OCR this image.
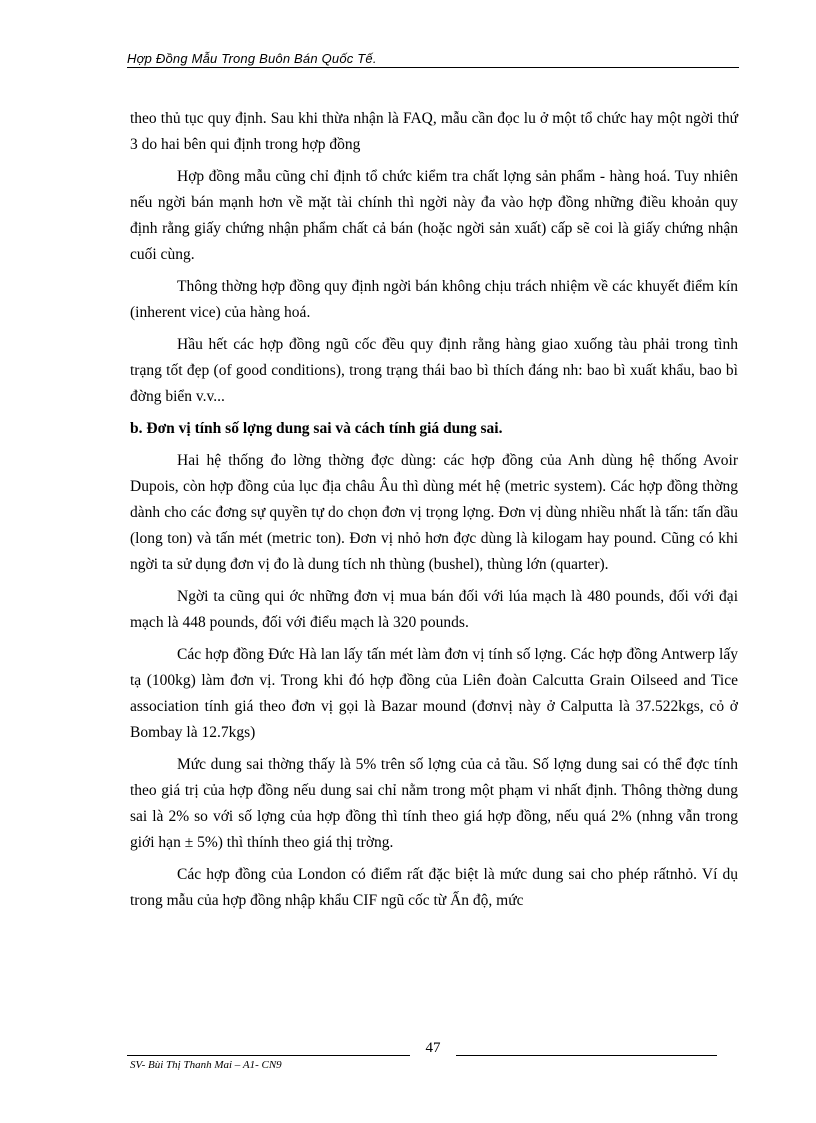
Hợp Đồng Mẫu Trong Buôn Bán Quốc Tế.

theo thủ tục quy định. Sau khi thừa nhận là FAQ, mẫu cần đọc lu ở một tổ chức hay một ngời thứ 3 do hai bên qui định trong hợp đồng

Hợp đồng mẫu cũng chỉ định tổ chức kiểm tra chất lợng sản phẩm - hàng hoá. Tuy nhiên nếu ngời bán mạnh hơn về mặt tài chính thì ngời này đa vào hợp đồng những điều khoản quy định rằng giấy chứng nhận phẩm chất cả bán (hoặc ngời sản xuất) cấp sẽ coi là giấy chứng nhận cuối cùng.

Thông thờng hợp đồng quy định ngời bán không chịu trách nhiệm về các khuyết điểm kín (inherent vice) của hàng hoá.

Hầu hết các hợp đồng ngũ cốc đều quy định rằng hàng giao xuống tàu phải trong tình trạng tốt đẹp (of good conditions), trong trạng thái bao bì thích đáng nh: bao bì xuất khẩu, bao bì đờng biển v.v...

b. Đơn vị tính số lợng dung sai và cách tính giá dung sai.

Hai hệ thống đo lờng thờng đợc dùng: các hợp đồng của Anh dùng hệ thống Avoir Dupois, còn hợp đồng của lục địa châu Âu thì dùng mét hệ (metric system). Các hợp đồng thờng dành cho các đơng sự quyền tự do chọn đơn vị trọng lợng. Đơn vị dùng nhiều nhất là tấn: tấn dầu (long ton) và tấn mét (metric ton). Đơn vị nhỏ hơn đợc dùng là kilogam hay pound. Cũng có khi ngời ta sử dụng đơn vị đo là dung tích nh thùng (bushel), thùng lớn (quarter).

Ngời ta cũng qui ớc những đơn vị mua bán đối với lúa mạch là 480 pounds, đối với đại mạch là 448 pounds, đối với điểu mạch là 320 pounds.

Các hợp đồng Đức Hà lan lấy tấn mét làm đơn vị tính số lợng. Các hợp đồng Antwerp lấy tạ (100kg) làm đơn vị. Trong khi đó hợp đồng của Liên đoàn Calcutta Grain Oilseed and Tice association tính giá theo đơn vị gọi là Bazar mound (đơnvị này ở Calputta là 37.522kgs, cỏ ở Bombay là 12.7kgs)

Mức dung sai thờng thấy là 5% trên số lợng của cả tầu. Số lợng dung sai có thể đợc tính theo giá trị của hợp đồng nếu dung sai chỉ nằm trong một phạm vi nhất định. Thông thờng dung sai là 2% so với số lợng của hợp đồng thì tính theo giá hợp đồng, nếu quá 2% (nhng vẫn trong giới hạn ± 5%) thì thính theo giá thị trờng.

Các hợp đồng của London có điểm rất đặc biệt là mức dung sai cho phép rấtnhỏ. Ví dụ trong mẫu của hợp đồng nhập khẩu CIF ngũ cốc từ Ấn độ, mức

47
SV- Bùi Thị Thanh Mai – A1- CN9
